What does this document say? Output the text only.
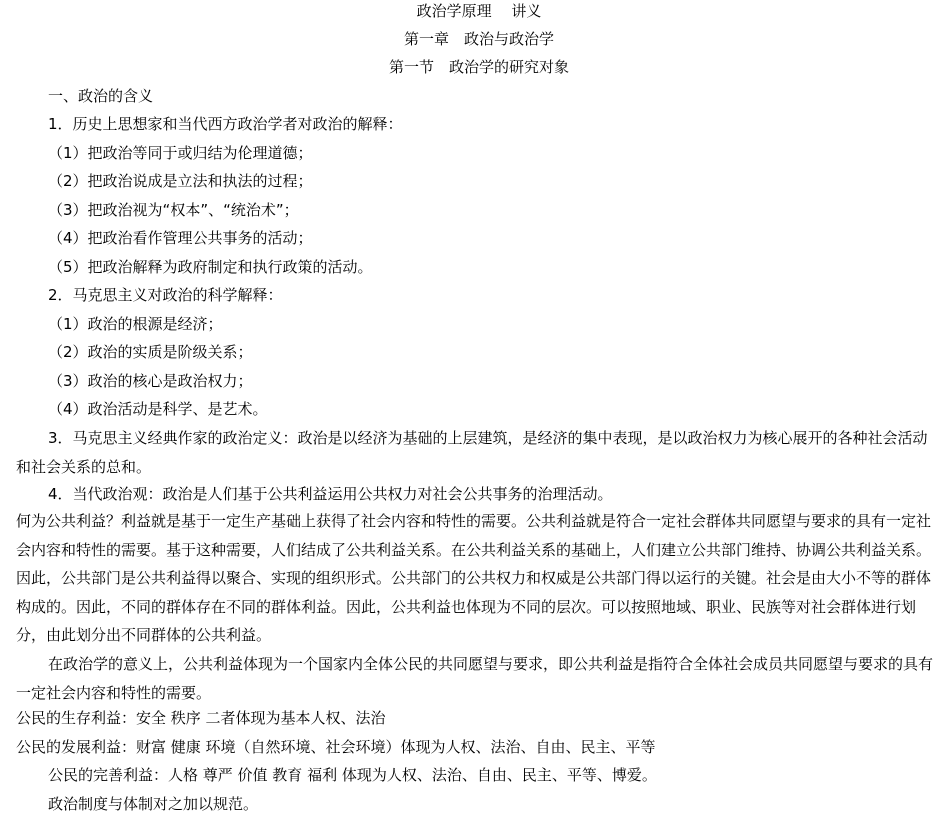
政治学原理　 讲义
第一章　政治与政治学
第一节　政治学的研究对象
一、政治的含义
1．历史上思想家和当代西方政治学者对政治的解释：
（1）把政治等同于或归结为伦理道德；
（2）把政治说成是立法和执法的过程；
（3）把政治视为“权本”、“统治术”；
（4）把政治看作管理公共事务的活动；
（5）把政治解释为政府制定和执行政策的活动。
2．马克思主义对政治的科学解释：
（1）政治的根源是经济；
（2）政治的实质是阶级关系；
（3）政治的核心是政治权力；
（4）政治活动是科学、是艺术。
3．马克思主义经典作家的政治定义：政治是以经济为基础的上层建筑，是经济的集中表现，是以政治权力为核心展开的各种社会活动和社会关系的总和。
4．当代政治观：政治是人们基于公共利益运用公共权力对社会公共事务的治理活动。
何为公共利益？利益就是基于一定生产基础上获得了社会内容和特性的需要。公共利益就是符合一定社会群体共同愿望与要求的具有一定社会内容和特性的需要。基于这种需要，人们结成了公共利益关系。在公共利益关系的基础上，人们建立公共部门维持、协调公共利益关系。因此，公共部门是公共利益得以聚合、实现的组织形式。公共部门的公共权力和权威是公共部门得以运行的关键。社会是由大小不等的群体构成的。因此，不同的群体存在不同的群体利益。因此，公共利益也体现为不同的层次。可以按照地域、职业、民族等对社会群体进行划分，由此划分出不同群体的公共利益。
在政治学的意义上，公共利益体现为一个国家内全体公民的共同愿望与要求，即公共利益是指符合全体社会成员共同愿望与要求的具有一定社会内容和特性的需要。
公民的生存利益：安全 秩序 二者体现为基本人权、法治
公民的发展利益：财富 健康 环境（自然环境、社会环境）体现为人权、法治、自由、民主、平等
公民的完善利益：人格 尊严 价值 教育 福利 体现为人权、法治、自由、民主、平等、博爱。
政治制度与体制对之加以规范。
